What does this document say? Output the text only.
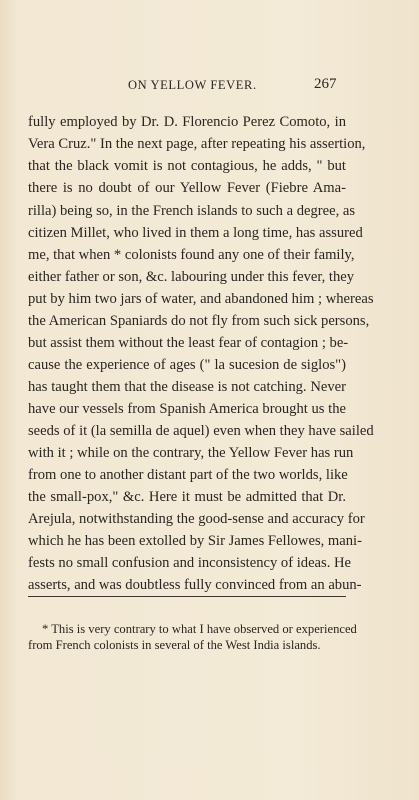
ON YELLOW FEVER.	267
fully employed by Dr. D. Florencio Perez Comoto, in
Vera Cruz." In the next page, after repeating his assertion,
that the black vomit is not contagious, he adds, " but
there is no doubt of our Yellow Fever (Fiebre Ama-
rilla) being so, in the French islands to such a degree, as
citizen Millet, who lived in them a long time, has assured
me, that when * colonists found any one of their family,
either father or son, &c. labouring under this fever, they
put by him two jars of water, and abandoned him ; whereas
the American Spaniards do not fly from such sick persons,
but assist them without the least fear of contagion ; be-
cause the experience of ages (" la sucesion de siglos")
has taught them that the disease is not catching. Never
have our vessels from Spanish America brought us the
seeds of it (la semilla de aquel) even when they have sailed
with it ; while on the contrary, the Yellow Fever has run
from one to another distant part of the two worlds, like
the small-pox," &c. Here it must be admitted that Dr.
Arejula, notwithstanding the good-sense and accuracy for
which he has been extolled by Sir James Fellowes, mani-
fests no small confusion and inconsistency of ideas. He
asserts, and was doubtless fully convinced from an abun-
* This is very contrary to what I have observed or experienced
from French colonists in several of the West India islands.
